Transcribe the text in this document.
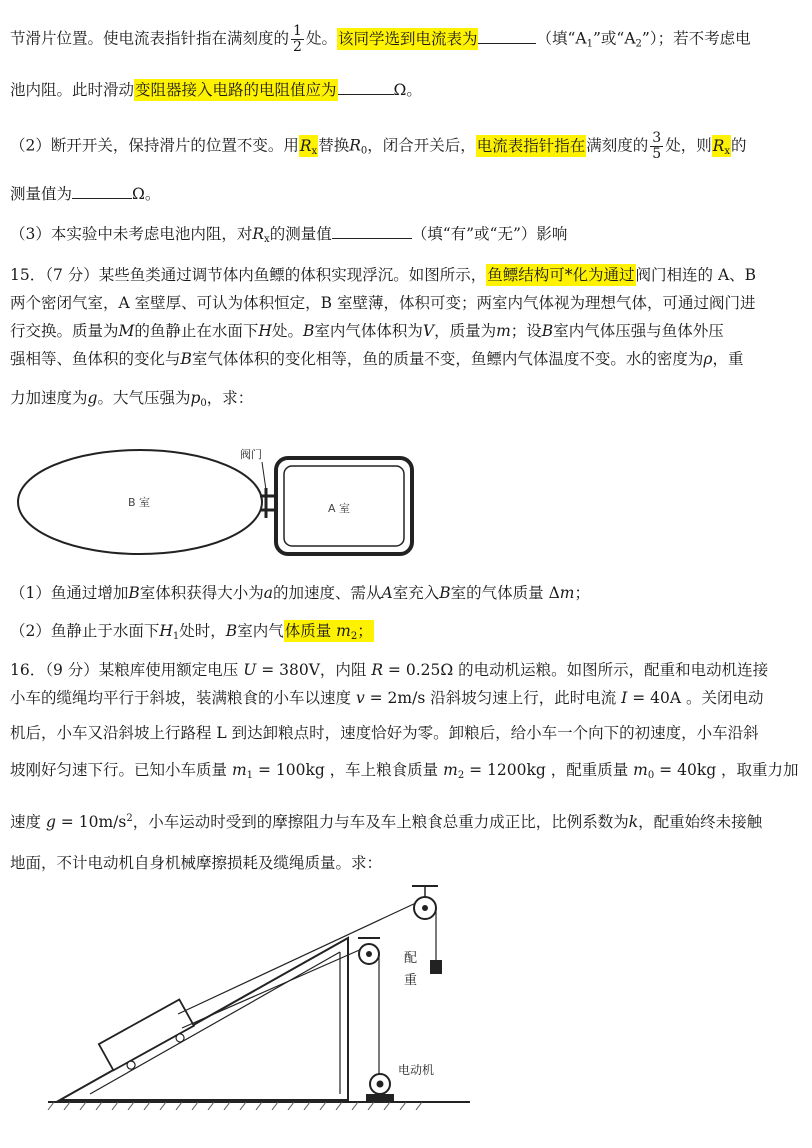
节滑片位置。使电流表指针指在满刻度的 $\frac{1}{2}$ 处。该同学选到电流表为	（填“$A_1$”或“$A_2$”）；若不考虑电
池内阻。此时滑动变阻器接入电路的电阻值应为	Ω。
（2）断开开关，保持滑片的位置不变。用$R_x$替换$R_0$，闭合开关后，电流表指针指在满刻度的 $\frac{3}{5}$ 处，则$R_x$的
测量值为	Ω。
（3）本实验中未考虑电池内阻，对$R_x$的测量值	（填“有”或“无”）影响
15．（7 分）某些鱼类通过调节体内鱼鳔的体积实现浮沉。如图所示，鱼鳔结构可*化为通过阀门相连的 A、B
两个密闭气室，A 室壁厚、可认为体积恒定，B 室壁薄，体积可变；两室内气体视为理想气体，可通过阀门进
行交换。质量为M的鱼静止在水面下H处。B室内气体体积为V，质量为m；设B室内气体压强与鱼体外压
强相等、鱼体积的变化与B室气体体积的变化相等，鱼的质量不变，鱼鳔内气体温度不变。水的密度为ρ，重
力加速度为g。大气压强为$p_0$，求：
阀门
B 室	A 室
（1）鱼通过增加B室体积获得大小为a的加速度、需从A室充入B室的气体质量 Δm；
（2）鱼静止于水面下$H_1$处时，B室内气体质量 $m_2$；
16．（9 分）某粮库使用额定电压 U = 380V，内阻 R = 0.25Ω 的电动机运粮。如图所示，配重和电动机连接
小车的缆绳均平行于斜坡，装满粮食的小车以速度 v = 2m/s 沿斜坡匀速上行，此时电流 I = 40A 。关闭电动
机后，小车又沿斜坡上行路程 L 到达卸粮点时，速度恰好为零。卸粮后，给小车一个向下的初速度，小车沿斜
坡刚好匀速下行。已知小车质量 $m_1 = 100kg$ ，车上粮食质量 $m_2 = 1200kg$ ，配重质量 $m_0 = 40kg$ ，取重力加
速度 $g = 10m/s^2$，小车运动时受到的摩擦阻力与车及车上粮食总重力成正比，比例系数为k，配重始终未接触
地面，不计电动机自身机械摩擦损耗及缆绳质量。求：
配
重
电动机
